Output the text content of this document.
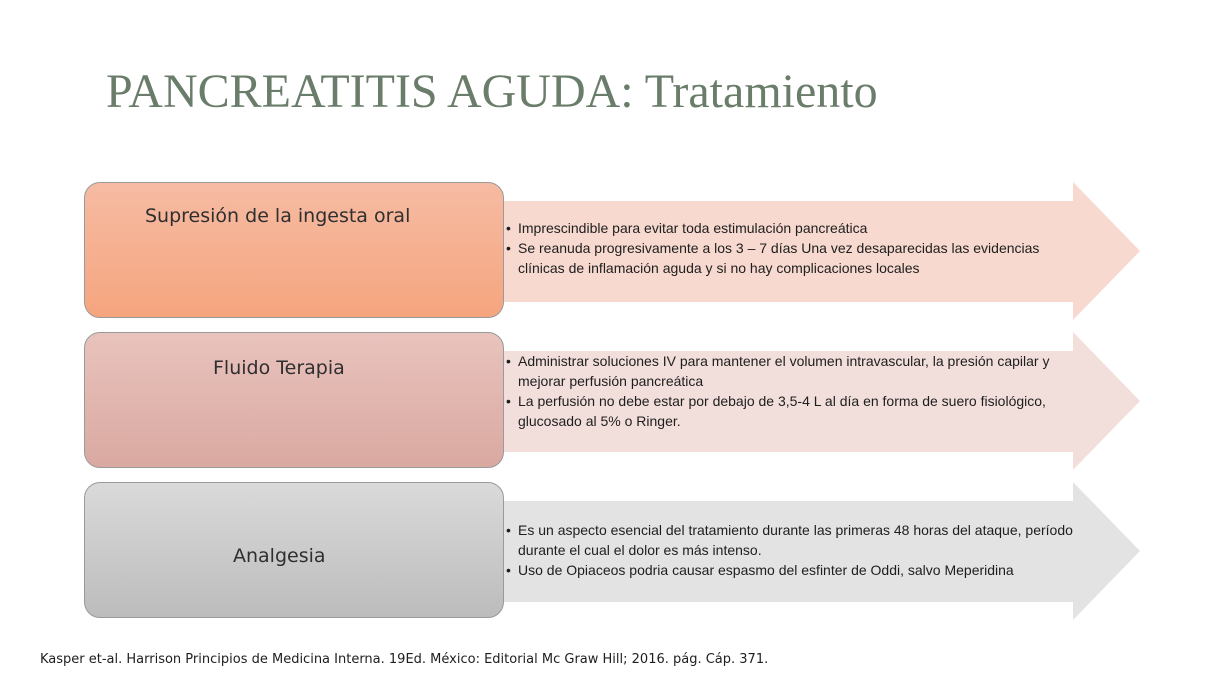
PANCREATITIS AGUDA: Tratamiento
Supresión de la ingesta oral
• Imprescindible para evitar toda estimulación pancreática
• Se reanuda progresivamente a los 3 – 7 días Una vez desaparecidas las evidencias clínicas de inflamación aguda y si no hay complicaciones locales
Fluido Terapia
•	Administrar soluciones IV para mantener el volumen intravascular, la presión capilar y mejorar perfusión pancreática
• La perfusión no debe estar por debajo de 3,5-4 L al día en forma de suero fisiológico, glucosado al 5% o Ringer.
Analgesia
• Es un aspecto esencial del tratamiento durante las primeras 48 horas del ataque, período durante el cual el dolor es más intenso.
• Uso de Opiaceos podria causar espasmo del esfinter de Oddi, salvo Meperidina

Kasper et-al. Harrison Principios de Medicina Interna. 19Ed. México: Editorial Mc Graw Hill; 2016. pág. Cáp. 371.
